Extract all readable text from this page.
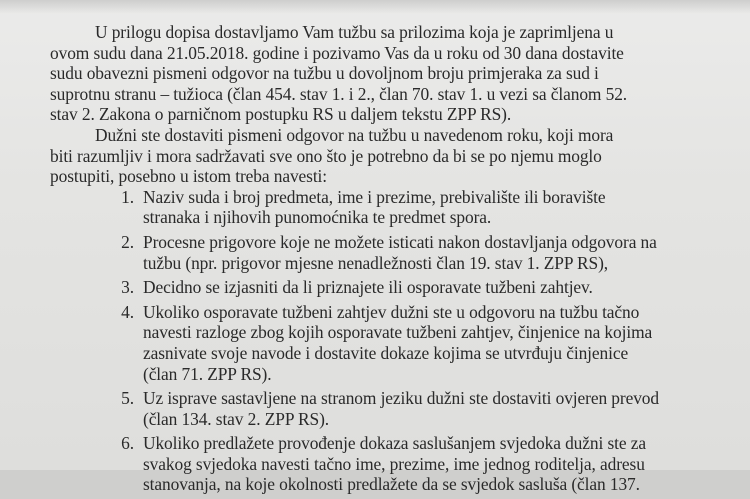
U prilogu dopisa dostavljamo Vam tužbu sa prilozima koja je zaprimljena u
ovom sudu dana 21.05.2018. godine i pozivamo Vas da u roku od 30 dana dostavite
sudu obavezni pismeni odgovor na tužbu u dovoljnom broju primjeraka za sud i
suprotnu stranu – tužioca (član 454. stav 1. i 2., član 70. stav 1. u vezi sa članom 52.
stav 2. Zakona o parničnom postupku RS u daljem tekstu ZPP RS).

Dužni ste dostaviti pismeni odgovor na tužbu u navedenom roku, koji mora
biti razumljiv i mora sadržavati sve ono što je potrebno da bi se po njemu moglo
postupiti, posebno u istom treba navesti:

1. Naziv suda i broj predmeta, ime i prezime, prebivalište ili boravište
stranaka i njihovih punomoćnika te predmet spora.
2. Procesne prigovore koje ne možete isticati nakon dostavljanja odgovora na
tužbu (npr. prigovor mjesne nenadležnosti član 19. stav 1. ZPP RS),
3. Decidno se izjasniti da li priznajete ili osporavate tužbeni zahtjev.
4. Ukoliko osporavate tužbeni zahtjev dužni ste u odgovoru na tužbu tačno
navesti razloge zbog kojih osporavate tužbeni zahtjev, činjenice na kojima
zasnivate svoje navode i dostavite dokaze kojima se utvrđuju činjenice
(član 71. ZPP RS).
5. Uz isprave sastavljene na stranom jeziku dužni ste dostaviti ovjeren prevod
(član 134. stav 2. ZPP RS).
6. Ukoliko predlažete provođenje dokaza saslušanjem svjedoka dužni ste za
svakog svjedoka navesti tačno ime, prezime, ime jednog roditelja, adresu
stanovanja, na koje okolnosti predlažete da se svjedok sasluša (član 137.
